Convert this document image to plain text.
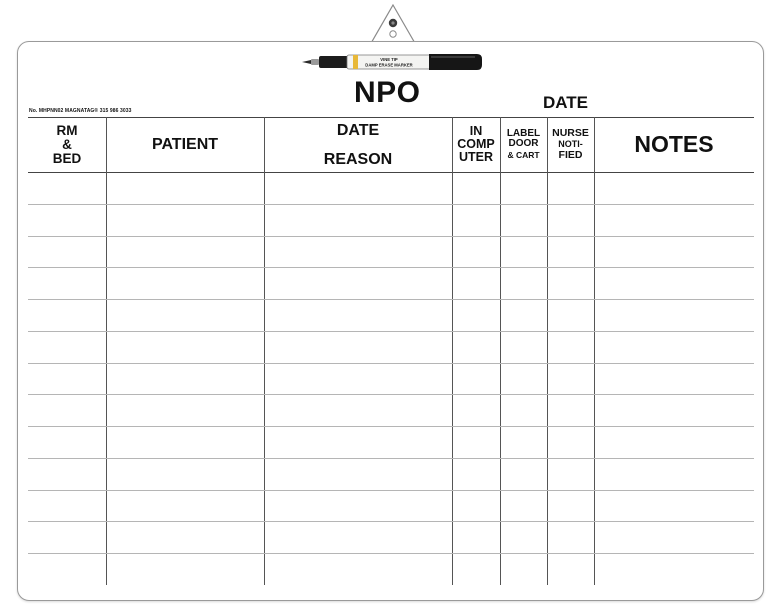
VINE TIP
DAMP ERASE MARKER
No. MHPNN02 MAGNATAG® 315 986 3033
NPO	DATE
RM
&
BED
PATIENT
DATE
REASON
IN
COMP
UTER
LABEL
DOOR
& CART
NURSE
NOTI-
FIED NOTES
